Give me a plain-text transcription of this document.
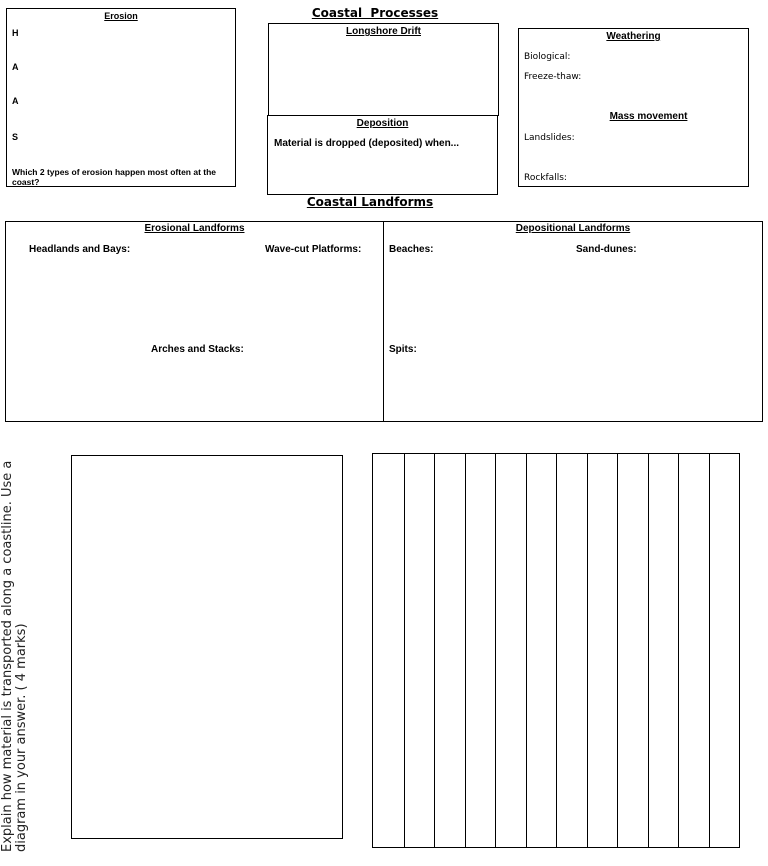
Erosion
H
A
A
S
Which 2 types of erosion happen most often at the coast?
Coastal  Processes
Longshore Drift
Deposition
Material is dropped (deposited) when...
Weathering
Biological:
Freeze-thaw:
Mass movement
Landslides:
Rockfalls:
Coastal Landforms
Erosional Landforms
Headlands and Bays:	Wave-cut Platforms:
Arches and Stacks:
Depositional Landforms
Beaches:	Sand-dunes:
Spits:
Explain how material is transported along a coastline. Use a diagram in your answer. ( 4 marks)
